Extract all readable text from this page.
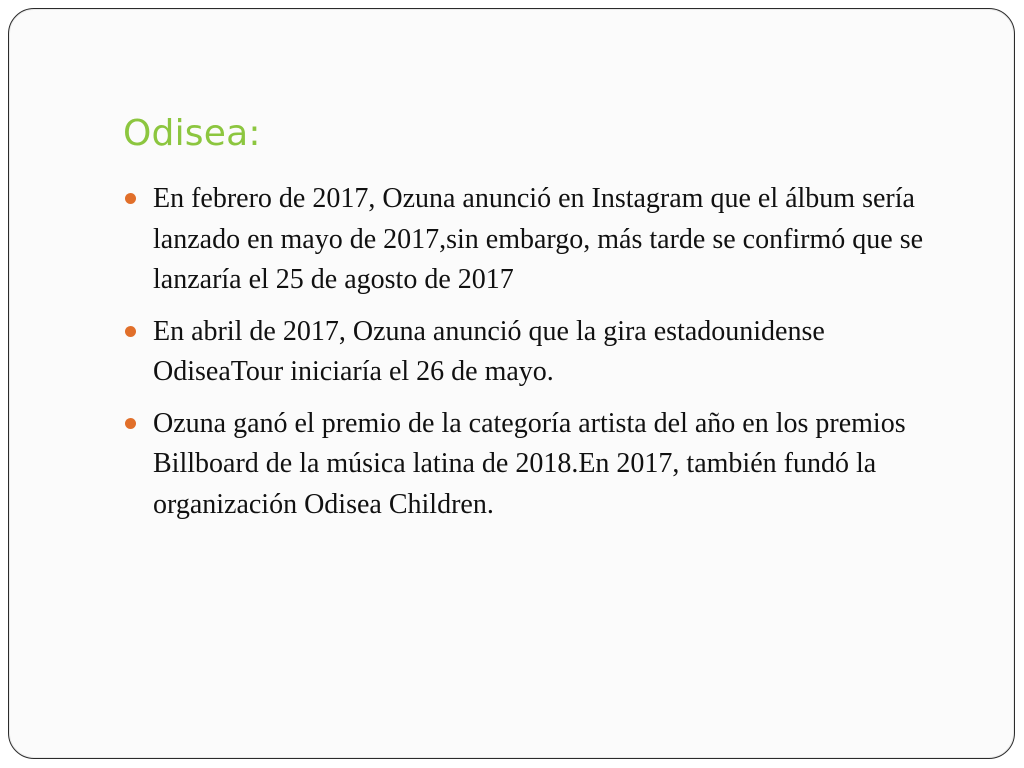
Odisea:
En febrero de 2017, Ozuna anunció en Instagram que el álbum sería lanzado en mayo de 2017,sin embargo, más tarde se confirmó que se lanzaría el 25 de agosto de 2017
En abril de 2017, Ozuna anunció que la gira estadounidense OdiseaTour iniciaría el 26 de mayo.
Ozuna ganó el premio de la categoría artista del año en los premios Billboard de la música latina de 2018.En 2017, también fundó la organización Odisea Children.
